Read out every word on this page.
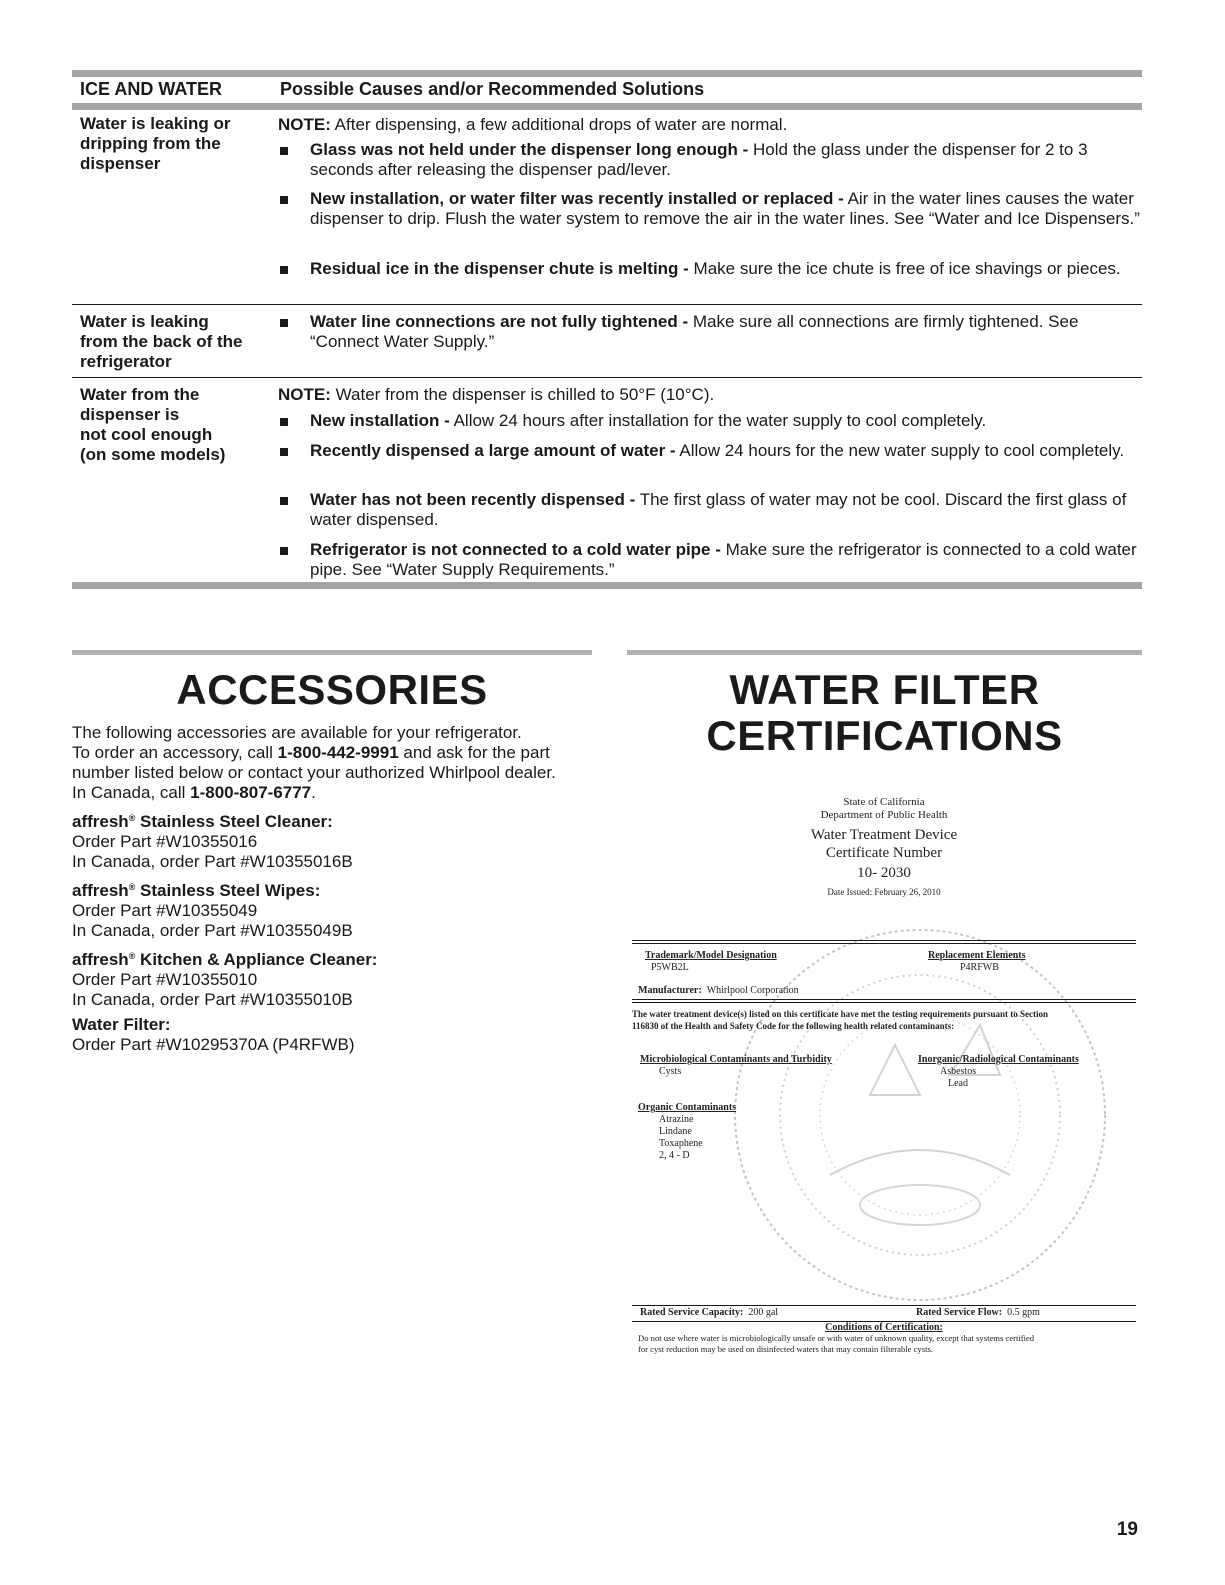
ICE AND WATER	Possible Causes and/or Recommended Solutions
Water is leaking or
dripping from the
dispenser
NOTE: After dispensing, a few additional drops of water are normal.
Glass was not held under the dispenser long enough - Hold the glass under the dispenser for 2 to 3 seconds after releasing the dispenser pad/lever.
New installation, or water filter was recently installed or replaced - Air in the water lines causes the water dispenser to drip. Flush the water system to remove the air in the water lines. See “Water and Ice Dispensers.”
Residual ice in the dispenser chute is melting - Make sure the ice chute is free of ice shavings or pieces.
Water is leaking
from the back of the
refrigerator
Water line connections are not fully tightened - Make sure all connections are firmly tightened. See “Connect Water Supply.”
Water from the
dispenser is
not cool enough
(on some models)
NOTE: Water from the dispenser is chilled to 50°F (10°C).
New installation - Allow 24 hours after installation for the water supply to cool completely.
Recently dispensed a large amount of water - Allow 24 hours for the new water supply to cool completely.
Water has not been recently dispensed - The first glass of water may not be cool. Discard the first glass of water dispensed.
Refrigerator is not connected to a cold water pipe - Make sure the refrigerator is connected to a cold water pipe. See “Water Supply Requirements.”
ACCESSORIES

The following accessories are available for your refrigerator.

To order an accessory, call 1-800-442-9991 and ask for the part

number listed below or contact your authorized Whirlpool dealer.

In Canada, call 1-800-807-6777.

affresh® Stainless Steel Cleaner:

Order Part #W10355016

In Canada, order Part #W10355016B

affresh® Stainless Steel Wipes:

Order Part #W10355049

In Canada, order Part #W10355049B

affresh® Kitchen & Appliance Cleaner:

Order Part #W10355010

In Canada, order Part #W10355010B

Water Filter:

Order Part #W10295370A (P4RFWB)

WATER FILTER
CERTIFICATIONS
State of California
Department of Public Health
Water Treatment Device
Certificate Number
10- 2030
Date Issued: February 26, 2010
Trademark/Model Designation
P5WB2L
Replacement Elements
P4RFWB
Manufacturer: Whirlpool Corporation
The water treatment device(s) listed on this certificate have met the testing requirements pursuant to Section
116830 of the Health and Safety Code for the following health related contaminants:
Microbiological Contaminants and Turbidity
Cysts
Inorganic/Radiological Contaminants
Asbestos
Lead
Organic Contaminants
Atrazine
Lindane
Toxaphene
2, 4 - D
Rated Service Capacity: 200 gal	Rated Service Flow: 0.5 gpm
Conditions of Certification:
Do not use where water is microbiologically unsafe or with water of unknown quality, except that systems certified
for cyst reduction may be used on disinfected waters that may contain filterable cysts.
19
